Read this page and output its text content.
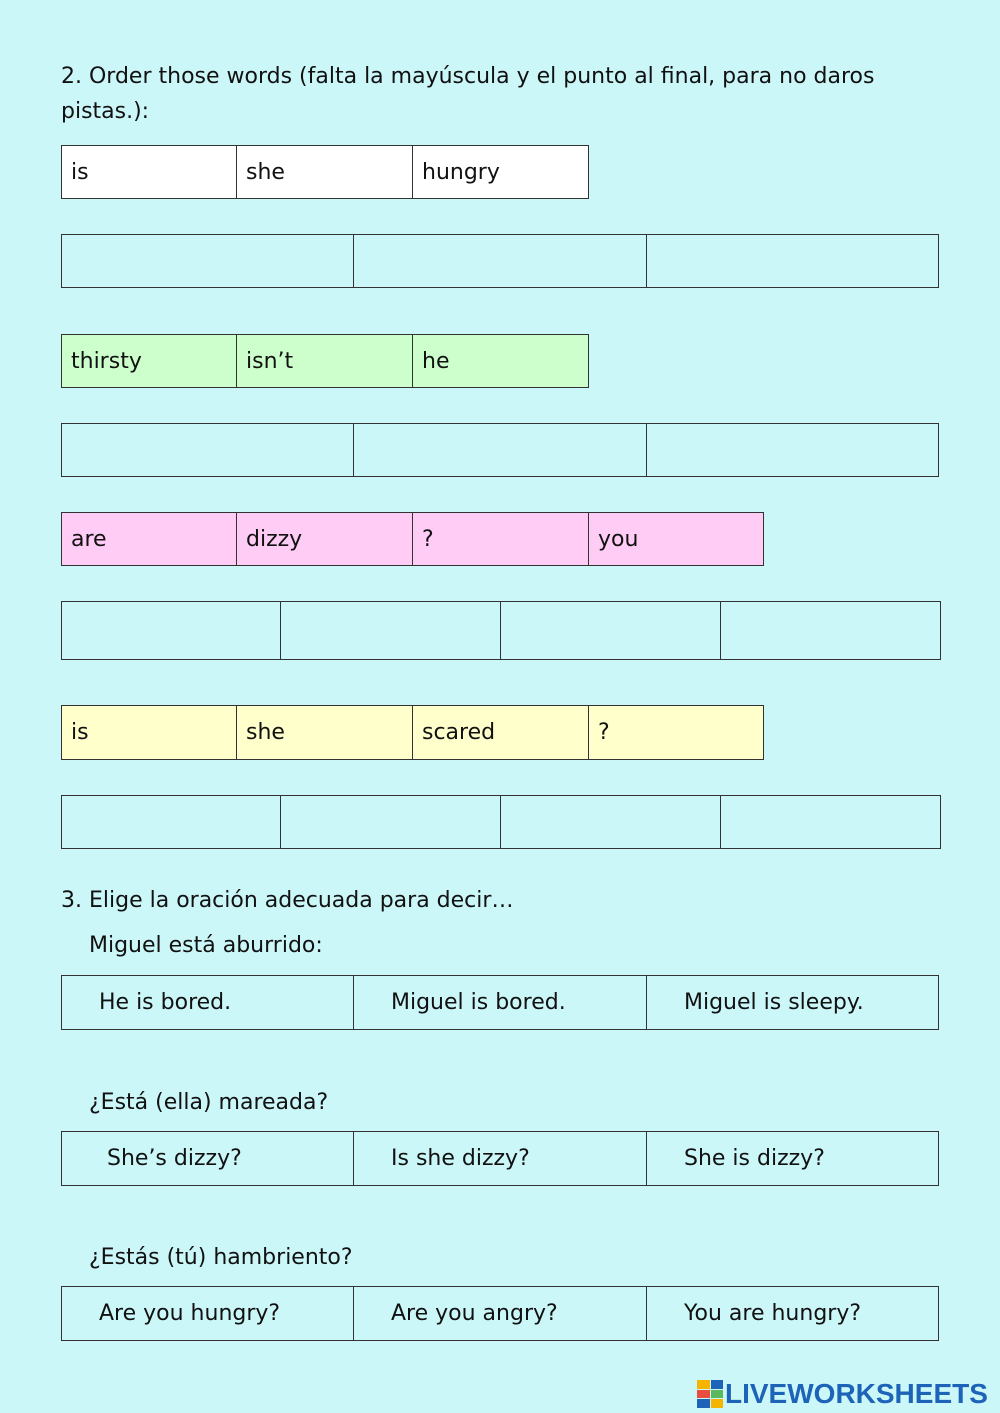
2. Order those words (falta la mayúscula y el punto al final, para no daros
pistas.):
is	she	hungry
thirsty	isn’t	he
are	dizzy	?	you
is	she	scared	?
3. Elige la oración adecuada para decir…
Miguel está aburrido:
He is bored.	Miguel is bored.	Miguel is sleepy.
¿Está (ella) mareada?
She’s dizzy?	Is she dizzy?	She is dizzy?
¿Estás (tú) hambriento?
Are you hungry?	Are you angry?	You are hungry?
LIVEWORKSHEETS
